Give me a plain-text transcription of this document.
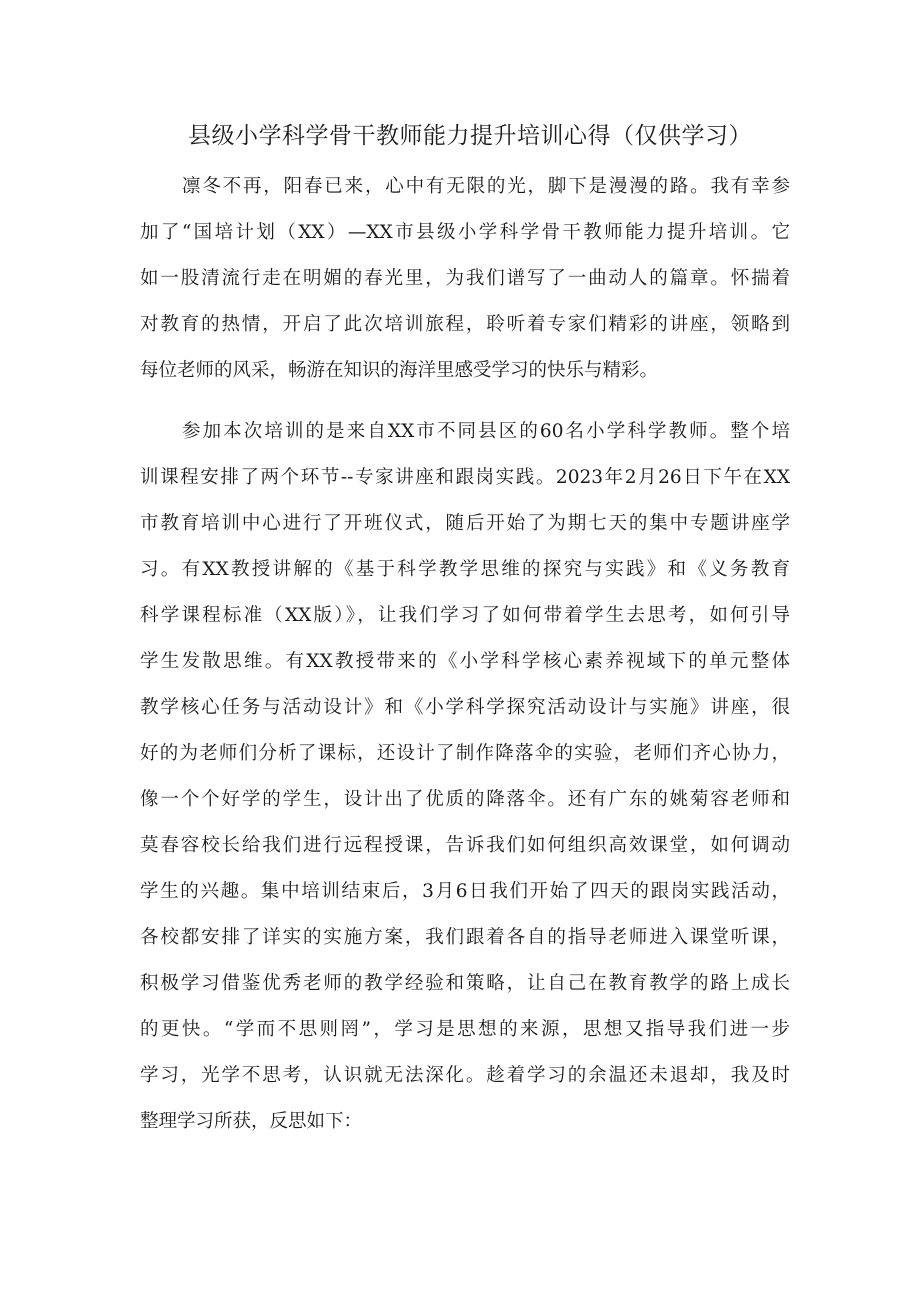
县级小学科学骨干教师能力提升培训心得（仅供学习）
凛冬不再，阳春已来，心中有无限的光，脚下是漫漫的路。我有幸参
加了“国培计划（XX）—XX市县级小学科学骨干教师能力提升培训。它
如一股清流行走在明媚的春光里，为我们谱写了一曲动人的篇章。怀揣着
对教育的热情，开启了此次培训旅程，聆听着专家们精彩的讲座，领略到
每位老师的风采，畅游在知识的海洋里感受学习的快乐与精彩。
参加本次培训的是来自XX市不同县区的60名小学科学教师。整个培
训课程安排了两个环节--专家讲座和跟岗实践。2023年2月26日下午在XX
市教育培训中心进行了开班仪式，随后开始了为期七天的集中专题讲座学
习。有XX教授讲解的《基于科学教学思维的探究与实践》和《义务教育
科学课程标准（XX版）》，让我们学习了如何带着学生去思考，如何引导
学生发散思维。有XX教授带来的《小学科学核心素养视域下的单元整体
教学核心任务与活动设计》和《小学科学探究活动设计与实施》讲座，很
好的为老师们分析了课标，还设计了制作降落伞的实验，老师们齐心协力，
像一个个好学的学生，设计出了优质的降落伞。还有广东的姚菊容老师和
莫春容校长给我们进行远程授课，告诉我们如何组织高效课堂，如何调动
学生的兴趣。集中培训结束后，3月6日我们开始了四天的跟岗实践活动，
各校都安排了详实的实施方案，我们跟着各自的指导老师进入课堂听课，
积极学习借鉴优秀老师的教学经验和策略，让自己在教育教学的路上成长
的更快。“学而不思则罔”，学习是思想的来源，思想又指导我们进一步
学习，光学不思考，认识就无法深化。趁着学习的余温还未退却，我及时
整理学习所获，反思如下：
